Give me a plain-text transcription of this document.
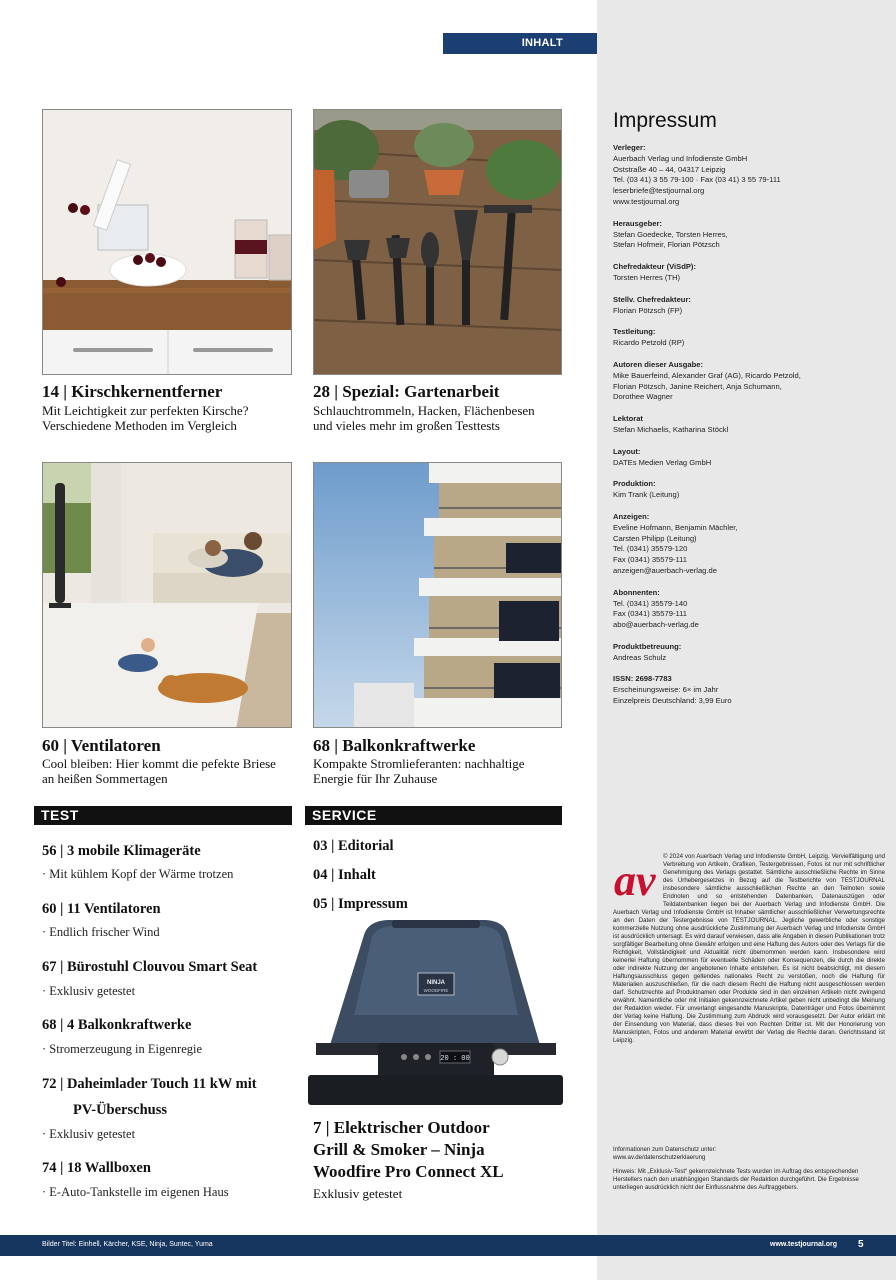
INHALT
14 | Kirschkernentferner
Mit Leichtigkeit zur perfekten Kirsche?
Verschiedene Methoden im Vergleich
28 | Spezial: Gartenarbeit
Schlauchtrommeln, Hacken, Flächenbesen
und vieles mehr im großen Testtests
60 | Ventilatoren
Cool bleiben: Hier kommt die pefekte Briese
an heißen Sommertagen
68 | Balkonkraftwerke
Kompakte Stromlieferanten: nachhaltige
Energie für Ihr Zuhause
TEST
56 | 3 mobile Klimageräte
· Mit kühlem Kopf der Wärme trotzen
60 | 11 Ventilatoren
· Endlich frischer Wind
67 | Bürostuhl Clouvou Smart Seat
· Exklusiv getestet
68 | 4 Balkonkraftwerke
· Stromerzeugung in Eigenregie
72 | Daheimlader Touch 11 kW mit
PV-Überschuss
· Exklusiv getestet
74 | 18 Wallboxen
· E-Auto-Tankstelle im eigenen Haus
SERVICE
03 | Editorial
04 | Inhalt
05 | Impressum
NINJA
WOODFIRE
20 : 00
7 | Elektrischer Outdoor
Grill & Smoker – Ninja
Woodfire Pro Connect XL
Exklusiv getestet
Impressum
Verleger:
Auerbach Verlag und Infodienste GmbH
Oststraße 40 – 44, 04317 Leipzig
Tel. (03 41) 3 55 79-100 · Fax (03 41) 3 55 79-111
leserbriefe@testjournal.org
www.testjournal.org
Herausgeber:
Stefan Goedecke, Torsten Herres,
Stefan Hofmeir, Florian Pötzsch
Chefredakteur (ViSdP):
Torsten Herres (TH)
Stellv. Chefredakteur:
Florian Pötzsch (FP)
Testleitung:
Ricardo Petzold (RP)
Autoren dieser Ausgabe:
Mike Bauerfeind, Alexander Graf (AG), Ricardo Petzold,
Florian Pötzsch, Janine Reichert, Anja Schumann,
Dorothee Wagner
Lektorat
Stefan Michaelis, Katharina Stöckl
Layout:
DATEs Medien Verlag GmbH
Produktion:
Kim Trank (Leitung)
Anzeigen:
Eveline Hofmann, Benjamin Mächler,
Carsten Philipp (Leitung)
Tel. (0341) 35579-120
Fax (0341) 35579-111
anzeigen@auerbach-verlag.de
Abonnenten:
Tel. (0341) 35579-140
Fax (0341) 35579-111
abo@auerbach-verlag.de
Produktbetreuung:
Andreas Schulz
ISSN: 2698-7783
Erscheinungsweise: 6× im Jahr
Einzelpreis Deutschland: 3,99 Euro
av © 2024 von Auerbach Verlag und Infodienste GmbH, Leipzig. Vervielfältigung und Verbreitung von Artikeln, Grafiken, Testergebnissen, Fotos ist nur mit schriftlicher Genehmigung des Verlags gestattet. Sämtliche ausschließliche Rechte im Sinne des Urhebergesetzes in Bezug auf die Testberichte von TESTJOURNAL insbesondere sämtliche ausschließlichen Rechte an den Teilnoten sowie Endnoten und so entstehenden Datenbanken, Datenauszügen oder Teildatenbanken liegen bei der Auerbach Verlag und Infodienste GmbH. Die Auerbach Verlag und Infodienste GmbH ist Inhaber sämtlicher ausschließlicher Verwertungsrechte an den Daten der Testergebnisse von TESTJOURNAL. Jegliche gewerbliche oder sonstige kommerzielle Nutzung ohne ausdrückliche Zustimmung der Auerbach Verlag und Infodienste GmbH ist ausdrücklich untersagt. Es wird darauf verwiesen, dass alle Angaben in diesen Publikationen trotz sorgfältiger Bearbeitung ohne Gewähr erfolgen und eine Haftung des Autors oder des Verlags für die Richtigkeit, Vollständigkeit und Aktualität nicht übernommen werden kann. Insbesondere wird keinerlei Haftung übernommen für eventuelle Schäden oder Konsequenzen, die durch die direkte oder indirekte Nutzung der angebotenen Inhalte entstehen. Es ist nicht beabsichtigt, mit diesem Haftungsausschluss gegen geltendes nationales Recht zu verstoßen, noch die Haftung für Materialien auszuschließen, für die nach diesem Recht die Haftung nicht ausgeschlossen werden darf. Schutzrechte auf Produktnamen oder Produkte sind in den einzelnen Artikeln nicht zwingend erwähnt. Namentliche oder mit Initialen gekennzeichnete Artikel geben nicht unbedingt die Meinung der Redaktion wieder. Für unverlangt eingesandte Manuskripte, Datenträger und Fotos übernimmt der Verlag keine Haftung. Die Zustimmung zum Abdruck wird vorausgesetzt. Der Autor erklärt mit der Einsendung von Material, dass dieses frei von Rechten Dritter ist. Mit der Honorierung von Manuskripten, Fotos und anderem Material erwirbt der Verlag die Rechte daran. Gerichtsstand ist Leipzig.

Informationen zum Datenschutz unter:
www.av.de/datenschutzerklaerung

Hinweis: Mit „Exklusiv-Test“ gekennzeichnete Tests wurden im Auftrag des entsprechenden Herstellers nach den unabhängigen Standards der Redaktion durchgeführt. Die Ergebnisse unterliegen ausdrücklich nicht der Einflussnahme des Auftraggebers.

Bilder Titel: Einhell, Kärcher, KSE, Ninja, Suntec, Yuma	www.testjournal.org 5
